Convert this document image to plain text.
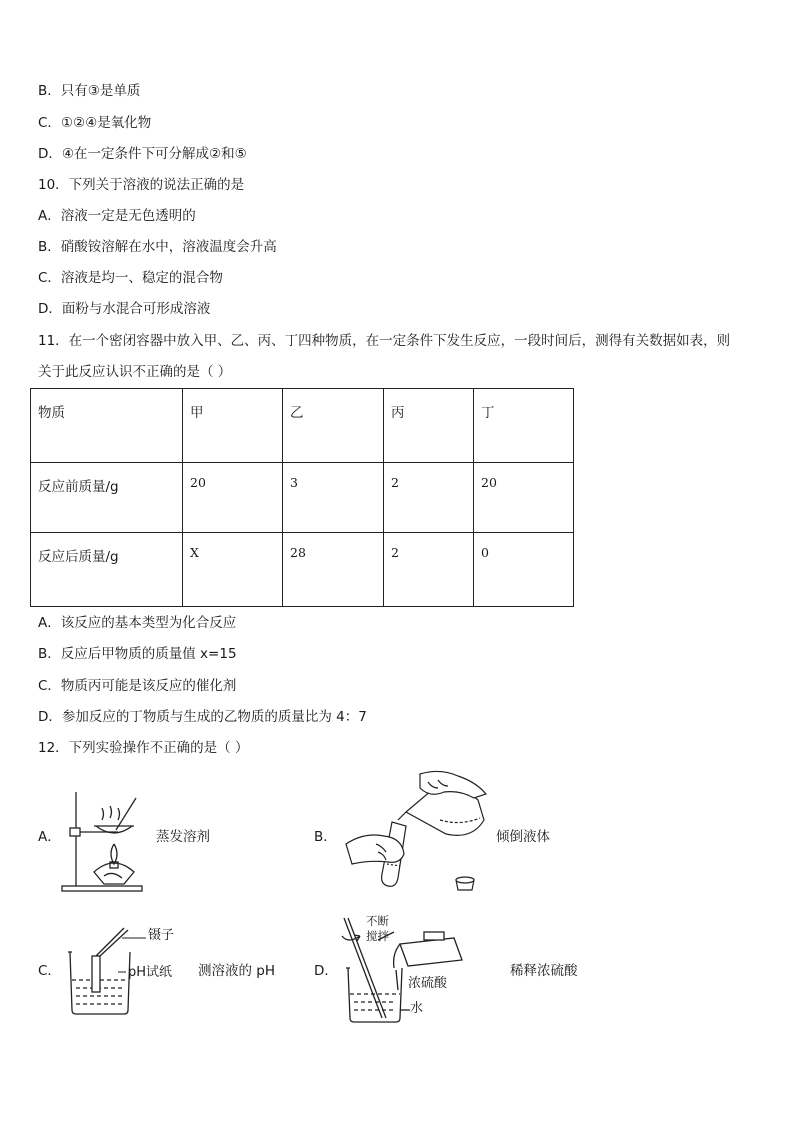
B．只有③是单质
C．①②④是氧化物
D．④在一定条件下可分解成②和⑤
10．下列关于溶液的说法正确的是
A．溶液一定是无色透明的
B．硝酸铵溶解在水中，溶液温度会升高
C．溶液是均一、稳定的混合物
D．面粉与水混合可形成溶液
11．在一个密闭容器中放入甲、乙、丙、丁四种物质，在一定条件下发生反应，一段时间后，测得有关数据如表，则
关于此反应认识不正确的是（ ）
物质	甲	乙	丙	丁
反应前质量/g	20	3	2	20
反应后质量/g	X	28	2	0
A．该反应的基本类型为化合反应
B．反应后甲物质的质量值 x=15
C．物质丙可能是该反应的催化剂
D．参加反应的丁物质与生成的乙物质的质量比为 4：7
12．下列实验操作不正确的是（ ）
A．	蒸发溶剂	B．	倾倒液体
C．
镊子
pH试纸 测溶液的 pH	D．
不断
搅拌
浓硫酸
水
稀释浓硫酸
